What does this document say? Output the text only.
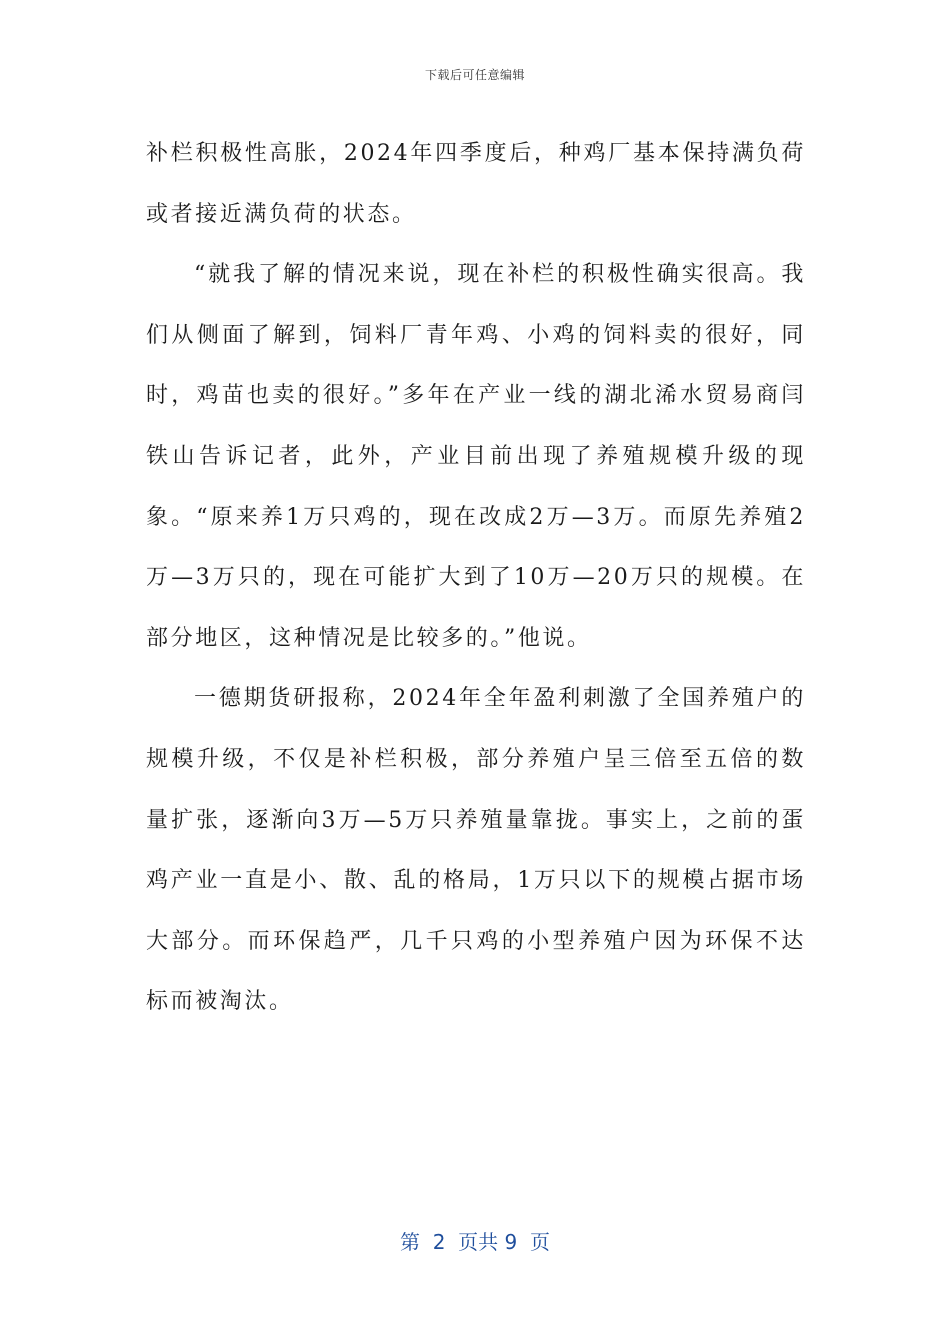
下载后可任意编辑

补栏积极性高胀，2024年四季度后，种鸡厂基本保持满负荷或者接近满负荷的状态。

“就我了解的情况来说，现在补栏的积极性确实很高。我们从侧面了解到，饲料厂青年鸡、小鸡的饲料卖的很好，同时，鸡苗也卖的很好。”多年在产业一线的湖北浠水贸易商闫铁山告诉记者，此外，产业目前出现了养殖规模升级的现象。“原来养1万只鸡的，现在改成2万—3万。而原先养殖2万—3万只的，现在可能扩大到了10万—20万只的规模。在部分地区，这种情况是比较多的。”他说。

一德期货研报称，2024年全年盈利刺激了全国养殖户的规模升级，不仅是补栏积极，部分养殖户呈三倍至五倍的数量扩张，逐渐向3万—5万只养殖量靠拢。事实上，之前的蛋鸡产业一直是小、散、乱的格局，1万只以下的规模占据市场大部分。而环保趋严，几千只鸡的小型养殖户因为环保不达标而被淘汰。

第  2  页共 9  页
